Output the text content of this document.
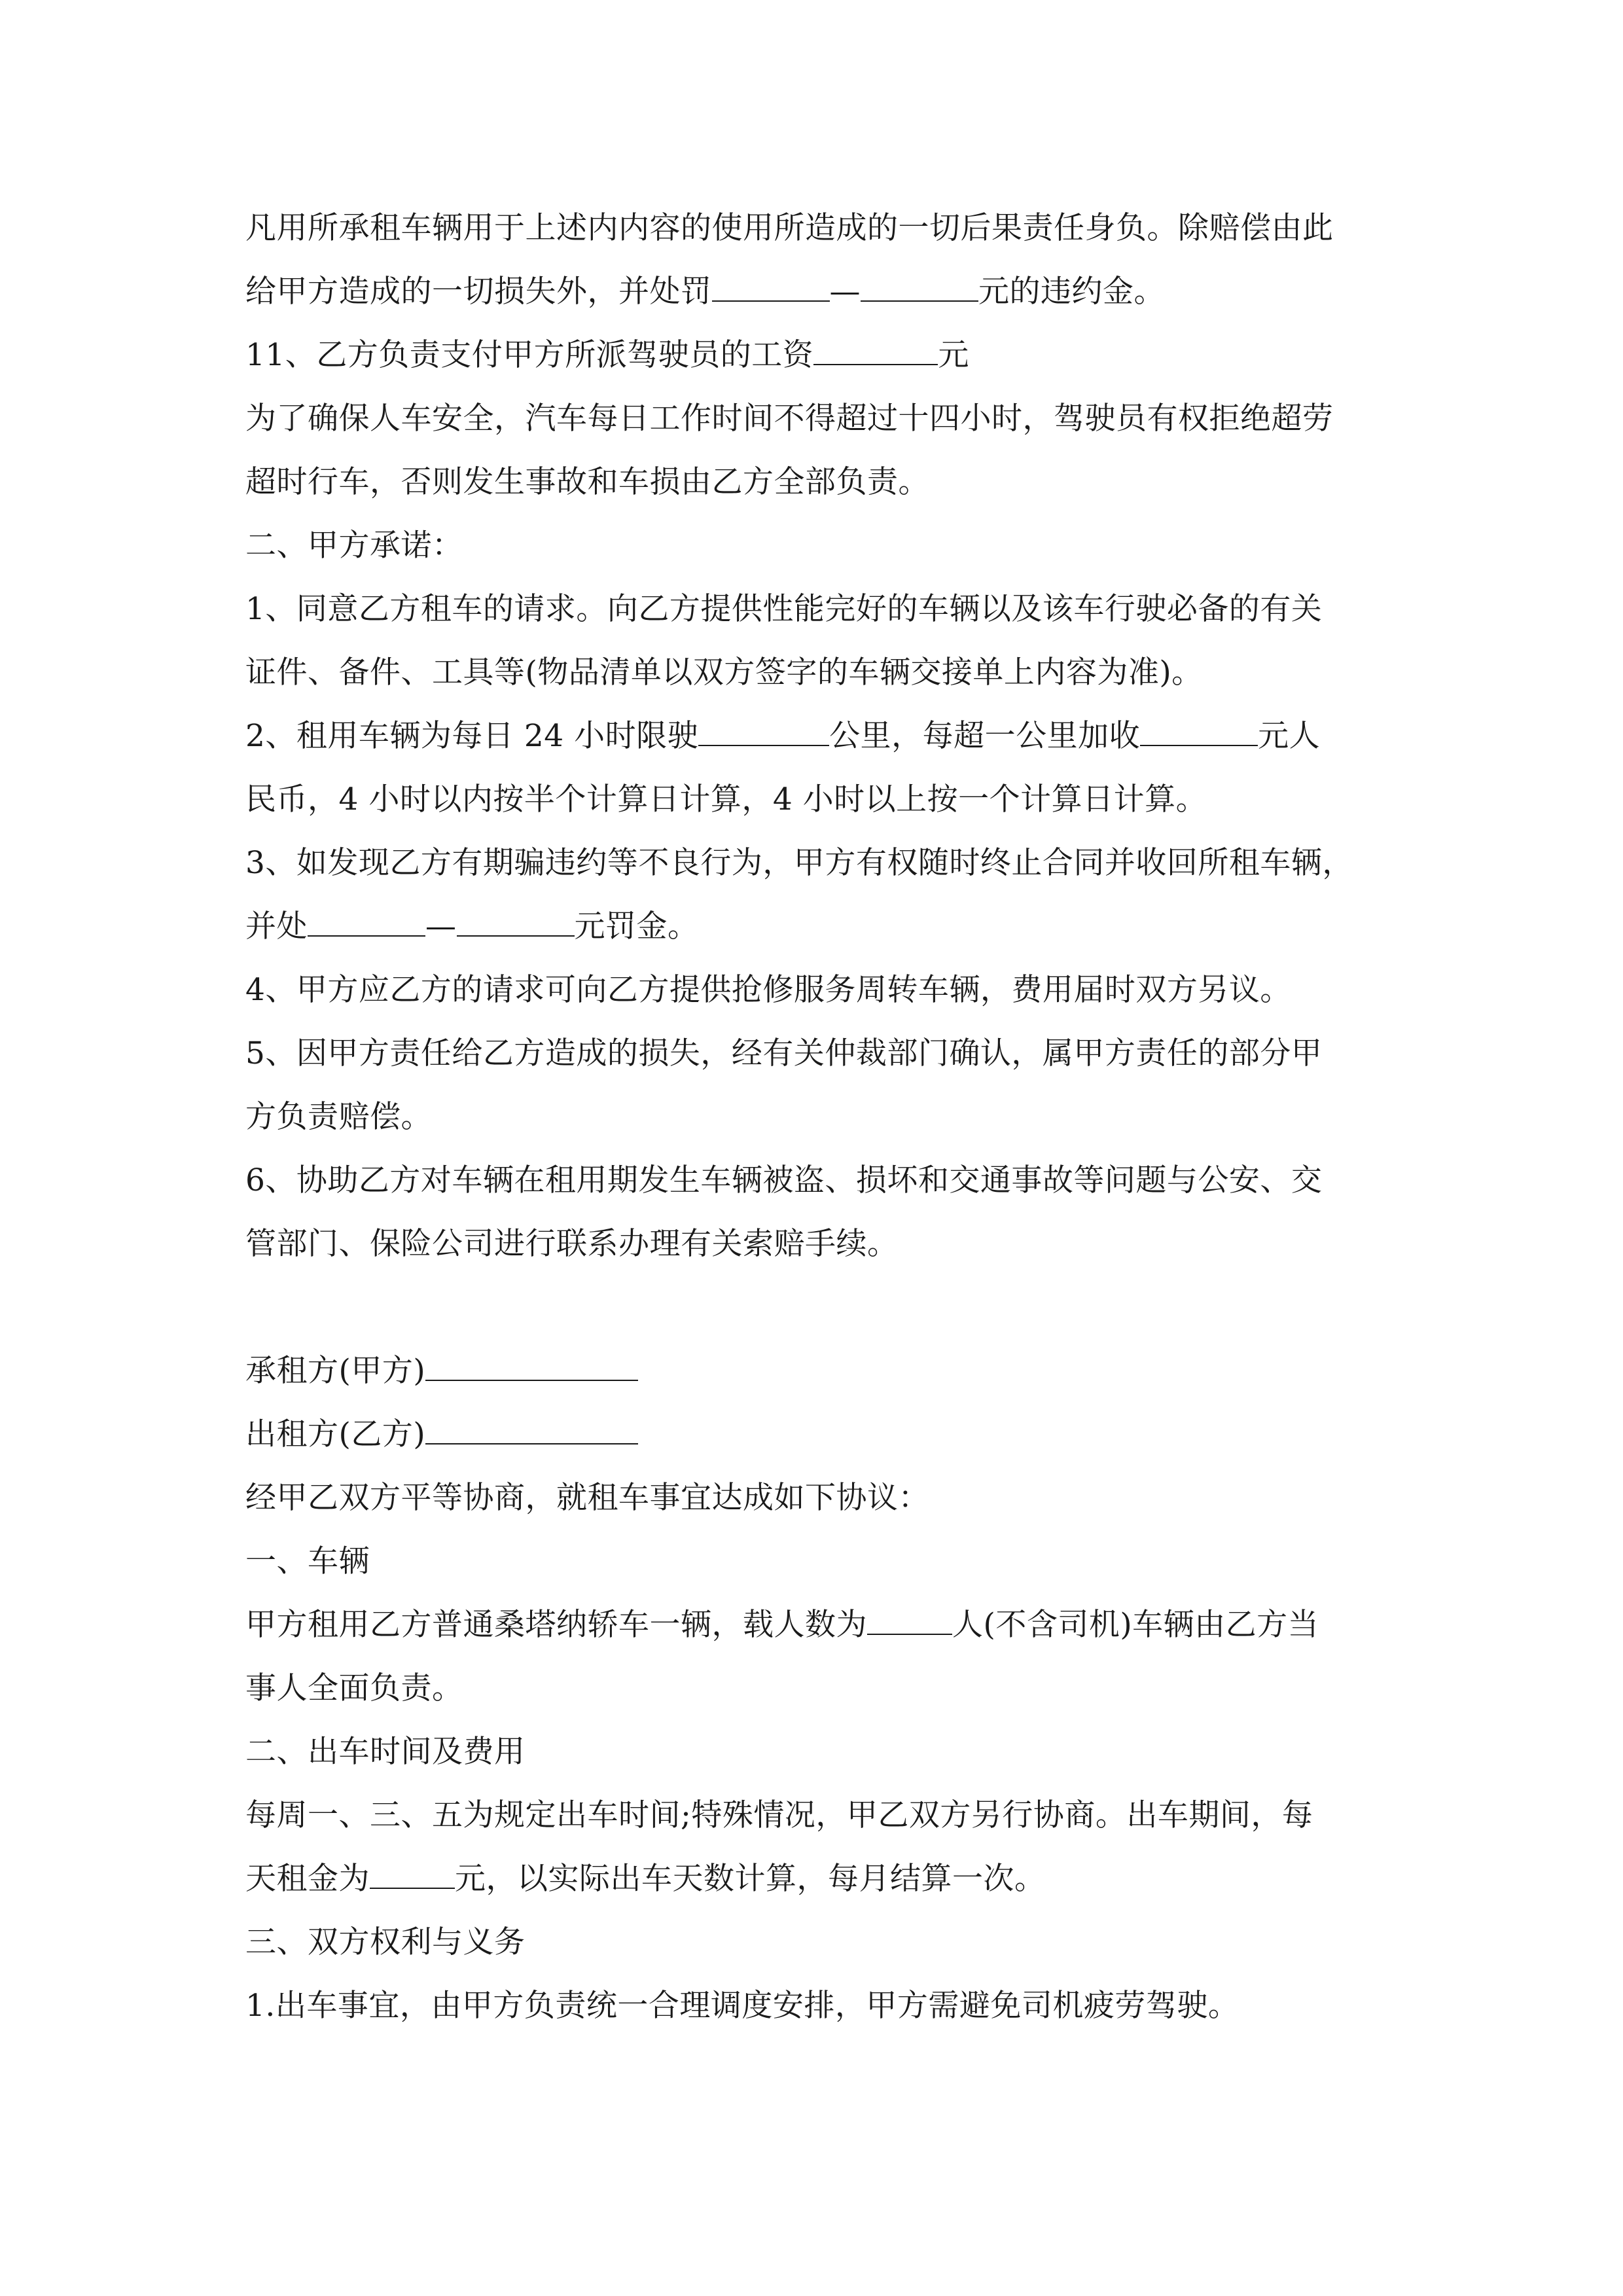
凡用所承租车辆用于上述内内容的使用所造成的一切后果责任身负。除赔偿由此
给甲方造成的一切损失外，并处罚	—	元的违约金。
11、乙方负责支付甲方所派驾驶员的工资	元
为了确保人车安全，汽车每日工作时间不得超过十四小时，驾驶员有权拒绝超劳
超时行车，否则发生事故和车损由乙方全部负责。
二、甲方承诺：
1、同意乙方租车的请求。向乙方提供性能完好的车辆以及该车行驶必备的有关
证件、备件、工具等(物品清单以双方签字的车辆交接单上内容为准)。
2、租用车辆为每日 24 小时限驶	公里，每超一公里加收	元人
民币，4 小时以内按半个计算日计算，4 小时以上按一个计算日计算。
3、如发现乙方有期骗违约等不良行为，甲方有权随时终止合同并收回所租车辆，
并处	—	元罚金。
4、甲方应乙方的请求可向乙方提供抢修服务周转车辆，费用届时双方另议。
5、因甲方责任给乙方造成的损失，经有关仲裁部门确认，属甲方责任的部分甲
方负责赔偿。
6、协助乙方对车辆在租用期发生车辆被盗、损坏和交通事故等问题与公安、交
管部门、保险公司进行联系办理有关索赔手续。
承租方(甲方)
出租方(乙方)
经甲乙双方平等协商，就租车事宜达成如下协议：
一、车辆
甲方租用乙方普通桑塔纳轿车一辆，载人数为	人(不含司机)车辆由乙方当
事人全面负责。
二、出车时间及费用
每周一、三、五为规定出车时间;特殊情况，甲乙双方另行协商。出车期间，每
天租金为	元，以实际出车天数计算，每月结算一次。
三、双方权利与义务
1.出车事宜，由甲方负责统一合理调度安排，甲方需避免司机疲劳驾驶。
